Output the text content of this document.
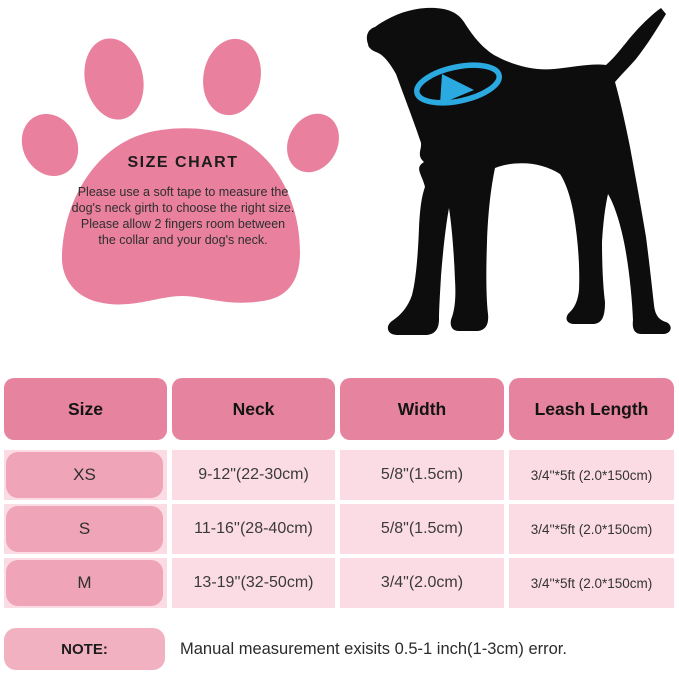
SIZE CHART
Please use a soft tape to measure the
dog's neck girth to choose the right size.
Please allow 2 fingers room between
the collar and your dog's neck.
Size	Neck	Width	Leash Length
XS	9-12"(22-30cm)	5/8"(1.5cm)	3/4''*5ft (2.0*150cm)
S	11-16''(28-40cm)	5/8"(1.5cm)	3/4''*5ft (2.0*150cm)
M	13-19''(32-50cm)	3/4"(2.0cm)	3/4''*5ft (2.0*150cm)
NOTE:	Manual measurement exisits 0.5-1 inch(1-3cm) error.
